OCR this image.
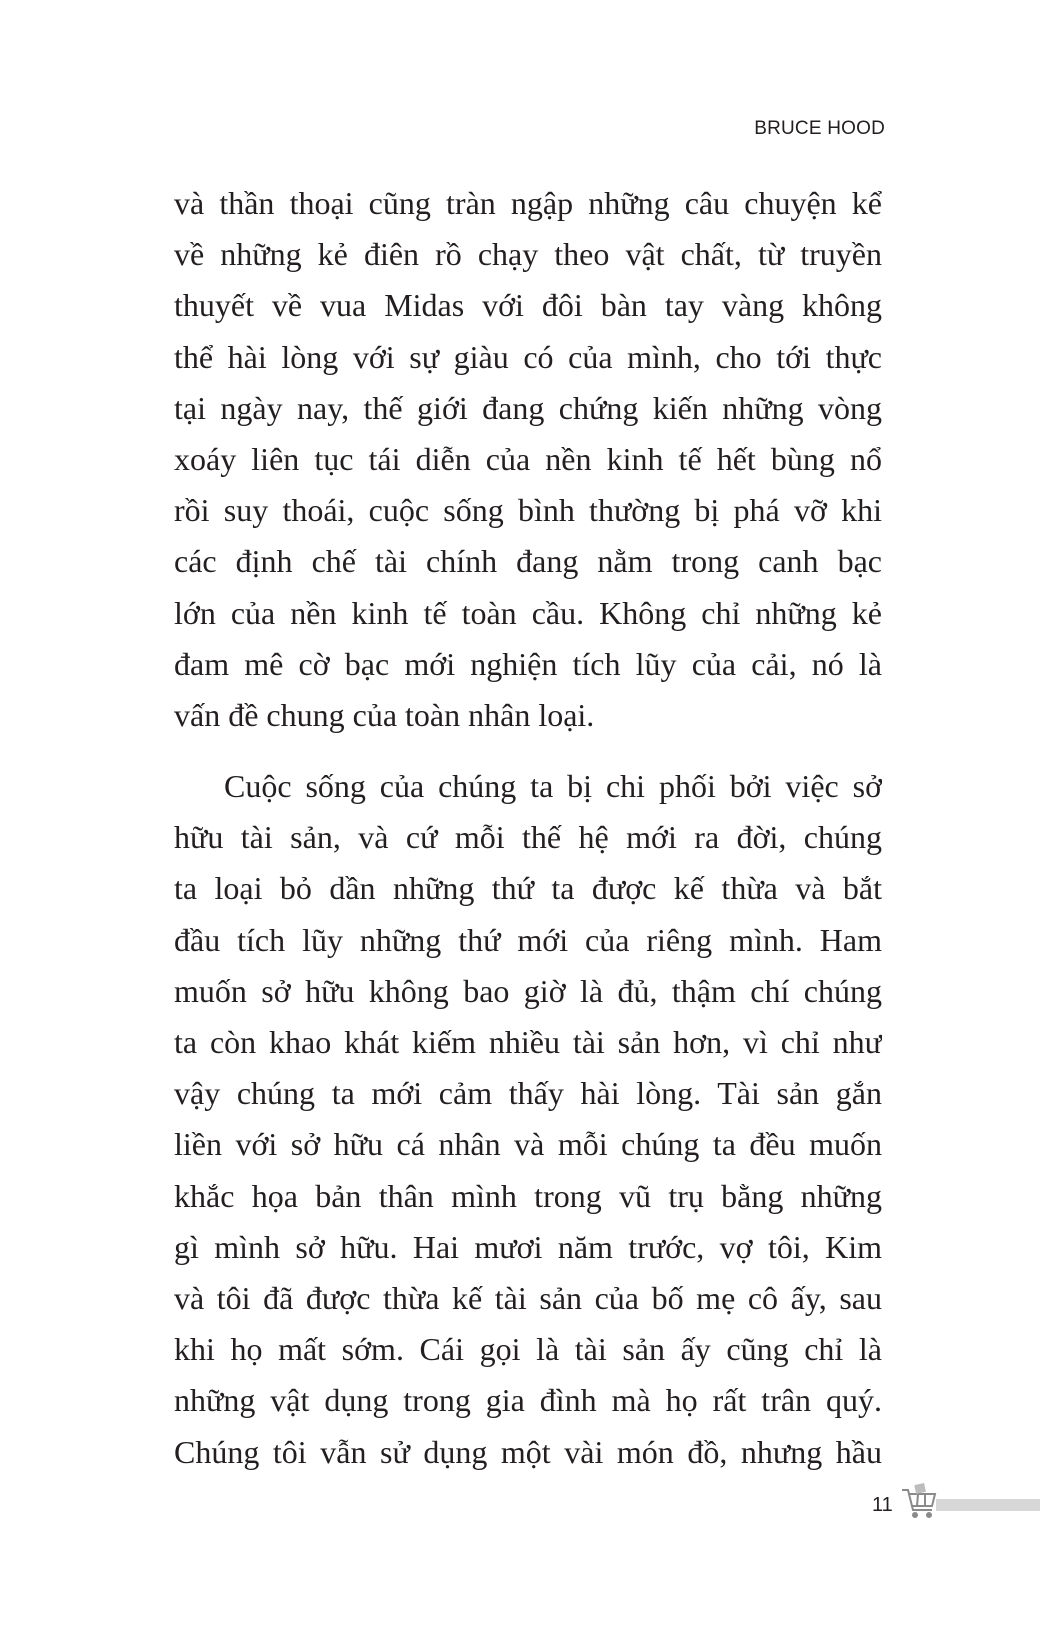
BRUCE HOOD
và thần thoại cũng tràn ngập những câu chuyện kể
về những kẻ điên rồ chạy theo vật chất, từ truyền
thuyết về vua Midas với đôi bàn tay vàng không
thể hài lòng với sự giàu có của mình, cho tới thực
tại ngày nay, thế giới đang chứng kiến những vòng
xoáy liên tục tái diễn của nền kinh tế hết bùng nổ
rồi suy thoái, cuộc sống bình thường bị phá vỡ khi
các định chế tài chính đang nằm trong canh bạc
lớn của nền kinh tế toàn cầu. Không chỉ những kẻ
đam mê cờ bạc mới nghiện tích lũy của cải, nó là
vấn đề chung của toàn nhân loại.
Cuộc sống của chúng ta bị chi phối bởi việc sở
hữu tài sản, và cứ mỗi thế hệ mới ra đời, chúng
ta loại bỏ dần những thứ ta được kế thừa và bắt
đầu tích lũy những thứ mới của riêng mình. Ham
muốn sở hữu không bao giờ là đủ, thậm chí chúng
ta còn khao khát kiếm nhiều tài sản hơn, vì chỉ như
vậy chúng ta mới cảm thấy hài lòng. Tài sản gắn
liền với sở hữu cá nhân và mỗi chúng ta đều muốn
khắc họa bản thân mình trong vũ trụ bằng những
gì mình sở hữu. Hai mươi năm trước, vợ tôi, Kim
và tôi đã được thừa kế tài sản của bố mẹ cô ấy, sau
khi họ mất sớm. Cái gọi là tài sản ấy cũng chỉ là
những vật dụng trong gia đình mà họ rất trân quý.
Chúng tôi vẫn sử dụng một vài món đồ, nhưng hầu
11
